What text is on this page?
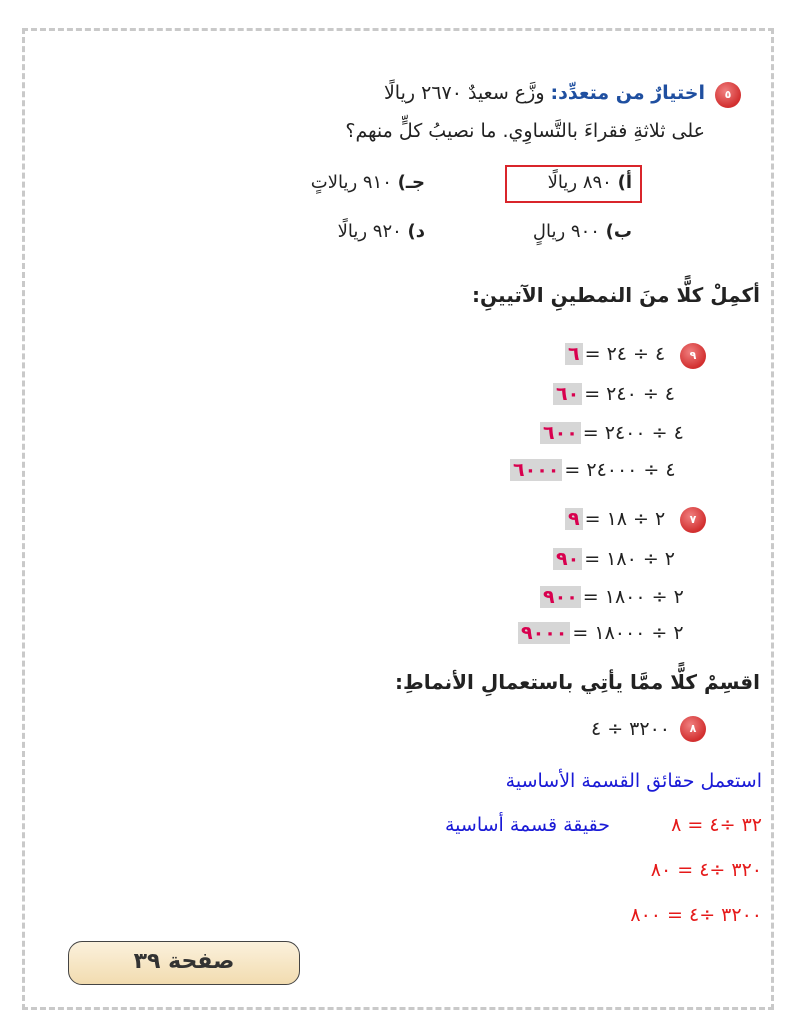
٥
اختيارٌ من متعدِّد: وزَّع سعيدٌ ٢٦٧٠ ريالًا
على ثلاثةِ فقراءَ بالتَّساوِي. ما نصيبُ كلٍّ منهم؟
أ) ٨٩٠ ريالًا
جـ) ٩١٠ ريالاتٍ
ب) ٩٠٠ ريالٍ
د) ٩٢٠ ريالًا
أكمِلْ كلًّا منَ النمطينِ الآتيينِ:
٩
٦ = ٤ ÷ ٢٤
٦٠ = ٤ ÷ ٢٤٠
٦٠٠ = ٤ ÷ ٢٤٠٠
٦٠٠٠ = ٤ ÷ ٢٤٠٠٠
٧
٩ = ٢ ÷ ١٨
٩٠ = ٢ ÷ ١٨٠
٩٠٠ = ٢ ÷ ١٨٠٠
٩٠٠٠ = ٢ ÷ ١٨٠٠٠
اقسِمْ كلًّا ممَّا يأتِي باستعمالِ الأنماطِ:
٨
٣٢٠٠ ÷ ٤
استعمل حقائق القسمة الأساسية
٣٢ ÷٤ = ٨
حقيقة قسمة أساسية
٣٢٠ ÷٤ = ٨٠
٣٢٠٠ ÷٤ = ٨٠٠
صفحة ٣٩
